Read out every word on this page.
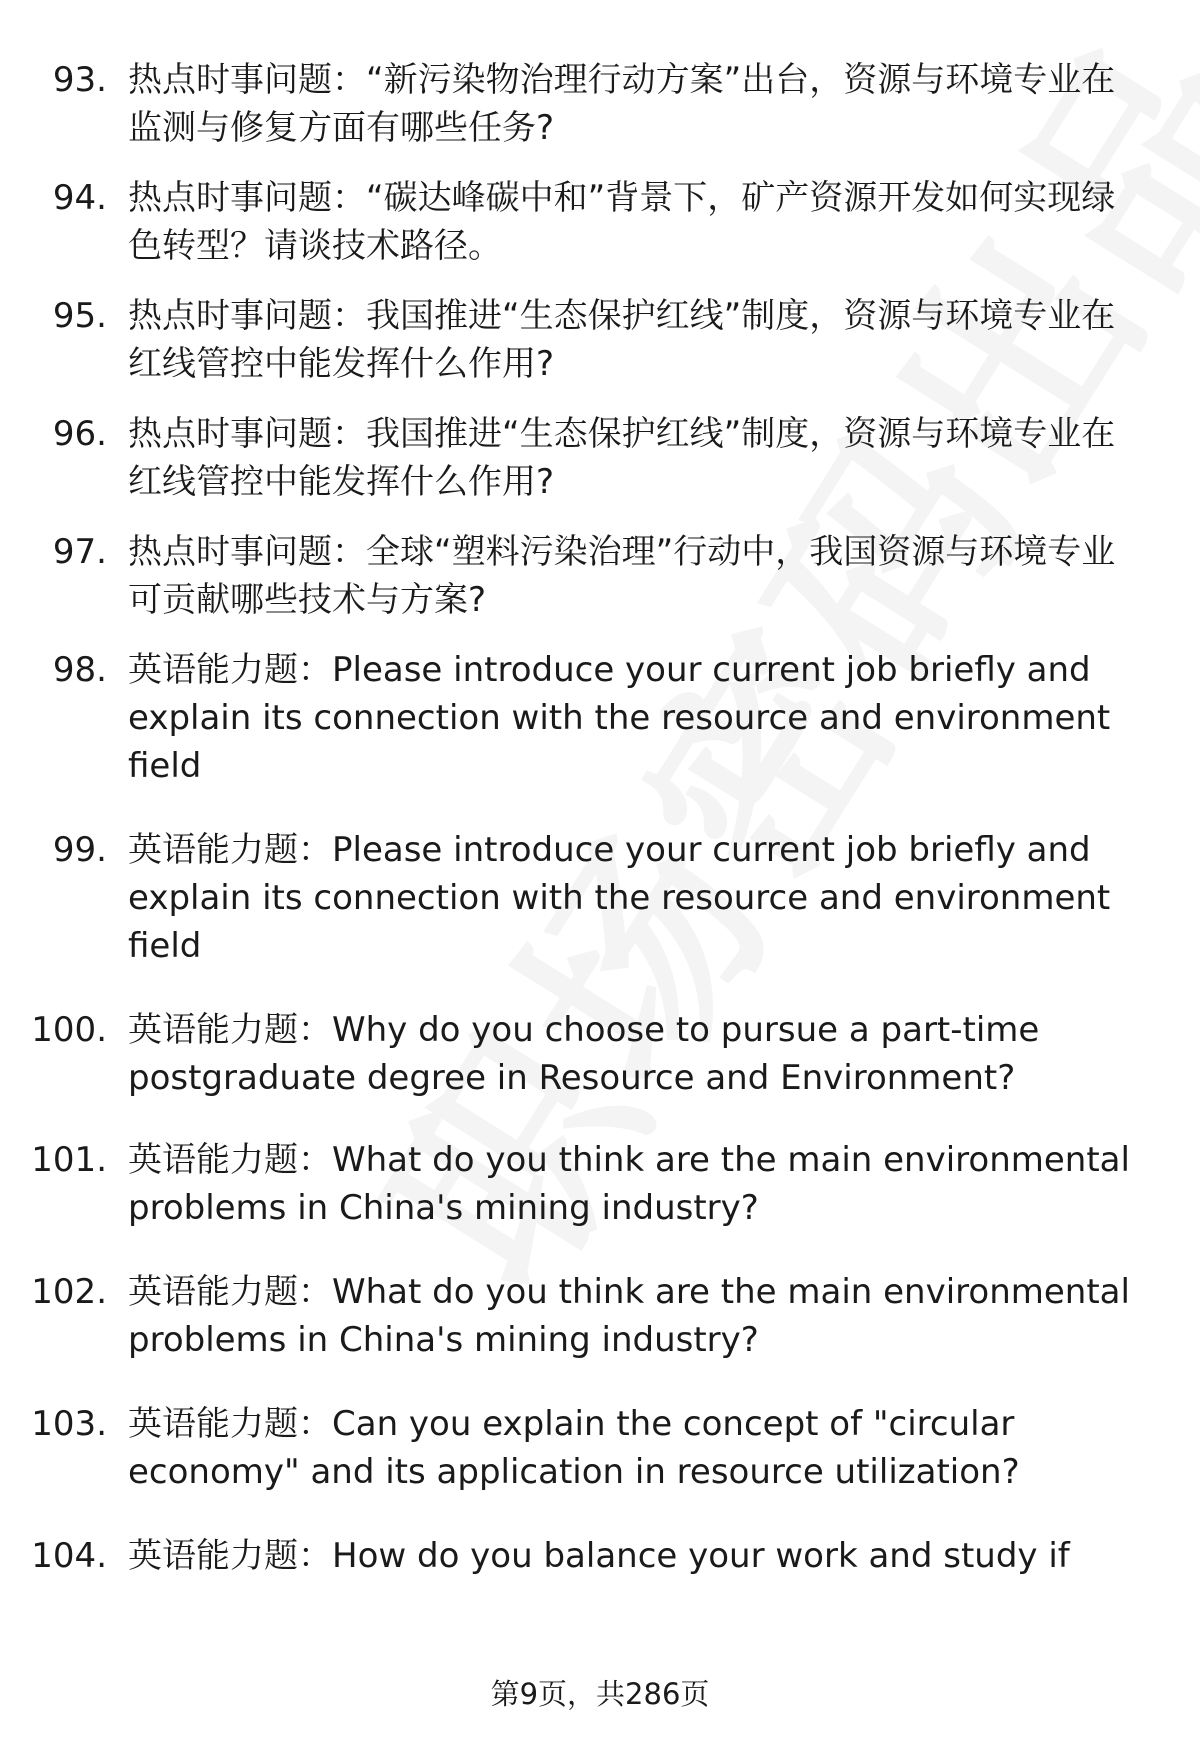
93. 热点时事问题：“新污染物治理行动方案”出台，资源与环境专业在监测与修复方面有哪些任务?
94. 热点时事问题：“碳达峰碳中和”背景下，矿产资源开发如何实现绿色转型？请谈技术路径。
95. 热点时事问题：我国推进“生态保护红线”制度，资源与环境专业在红线管控中能发挥什么作用?
96. 热点时事问题：我国推进“生态保护红线”制度，资源与环境专业在红线管控中能发挥什么作用?
97. 热点时事问题：全球“塑料污染治理”行动中，我国资源与环境专业可贡献哪些技术与方案?
98. 英语能力题：Please introduce your current job briefly and explain its connection with the resource and environment field
99. 英语能力题：Please introduce your current job briefly and explain its connection with the resource and environment field
100. 英语能力题：Why do you choose to pursue a part-time postgraduate degree in Resource and Environment?
101. 英语能力题：What do you think are the main environmental problems in China's mining industry?
102. 英语能力题：What do you think are the main environmental problems in China's mining industry?
103. 英语能力题：Can you explain the concept of "circular economy" and its application in resource utilization?
104. 英语能力题：How do you balance your work and study if
第9页，共286页
